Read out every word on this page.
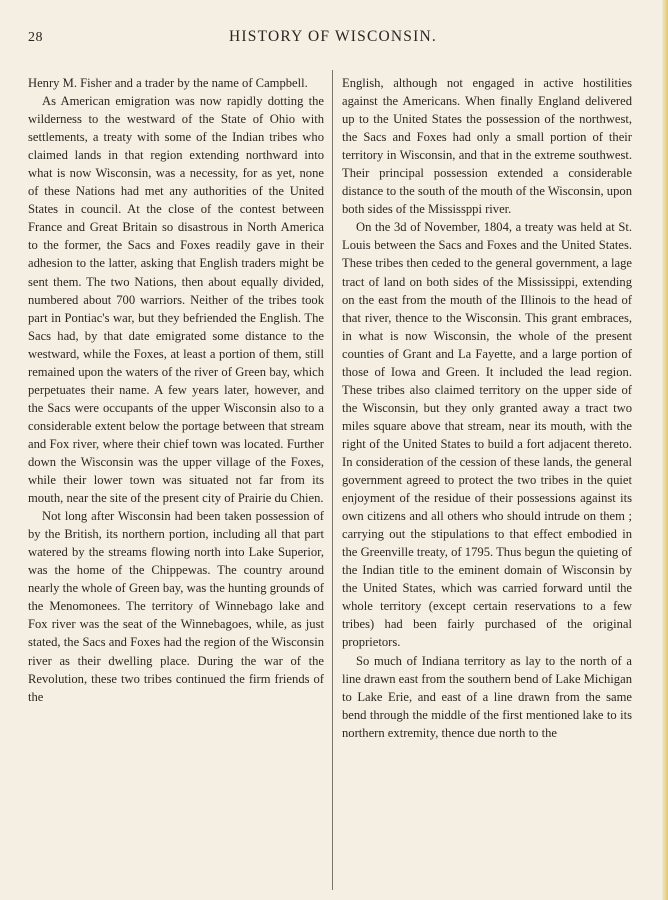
28	HISTORY OF WISCONSIN.

Henry M. Fisher and a trader by the name of Campbell.

As American emigration was now rapidly dotting the wilderness to the westward of the State of Ohio with settlements, a treaty with some of the Indian tribes who claimed lands in that region extending northward into what is now Wisconsin, was a necessity, for as yet, none of these Nations had met any authorities of the United States in council. At the close of the contest between France and Great Britain so disastrous in North America to the former, the Sacs and Foxes readily gave in their adhesion to the latter, asking that English traders might be sent them. The two Nations, then about equally divided, numbered about 700 warriors. Neither of the tribes took part in Pontiac's war, but they befriended the English. The Sacs had, by that date emigrated some distance to the westward, while the Foxes, at least a portion of them, still remained upon the waters of the river of Green bay, which perpetuates their name. A few years later, however, and the Sacs were occupants of the upper Wisconsin also to a considerable extent below the portage between that stream and Fox river, where their chief town was located. Further down the Wisconsin was the upper village of the Foxes, while their lower town was situated not far from its mouth, near the site of the present city of Prairie du Chien.

Not long after Wisconsin had been taken possession of by the British, its northern portion, including all that part watered by the streams flowing north into Lake Superior, was the home of the Chippewas. The country around nearly the whole of Green bay, was the hunting grounds of the Menomonees. The territory of Winnebago lake and Fox river was the seat of the Winnebagoes, while, as just stated, the Sacs and Foxes had the region of the Wisconsin river as their dwelling place. During the war of the Revolution, these two tribes continued the firm friends of the

English, although not engaged in active hostilities against the Americans. When finally England delivered up to the United States the possession of the northwest, the Sacs and Foxes had only a small portion of their territory in Wisconsin, and that in the extreme southwest. Their principal possession extended a considerable distance to the south of the mouth of the Wisconsin, upon both sides of the Mississppi river.

On the 3d of November, 1804, a treaty was held at St. Louis between the Sacs and Foxes and the United States. These tribes then ceded to the general government, a lage tract of land on both sides of the Mississippi, extending on the east from the mouth of the Illinois to the head of that river, thence to the Wisconsin. This grant embraces, in what is now Wisconsin, the whole of the present counties of Grant and La Fayette, and a large portion of those of Iowa and Green. It included the lead region. These tribes also claimed territory on the upper side of the Wisconsin, but they only granted away a tract two miles square above that stream, near its mouth, with the right of the United States to build a fort adjacent thereto. In consideration of the cession of these lands, the general government agreed to protect the two tribes in the quiet enjoyment of the residue of their possessions against its own citizens and all others who should intrude on them ; carrying out the stipulations to that effect embodied in the Greenville treaty, of 1795. Thus begun the quieting of the Indian title to the eminent domain of Wisconsin by the United States, which was carried forward until the whole territory (except certain reservations to a few tribes) had been fairly purchased of the original proprietors.

So much of Indiana territory as lay to the north of a line drawn east from the southern bend of Lake Michigan to Lake Erie, and east of a line drawn from the same bend through the middle of the first mentioned lake to its northern extremity, thence due north to the
